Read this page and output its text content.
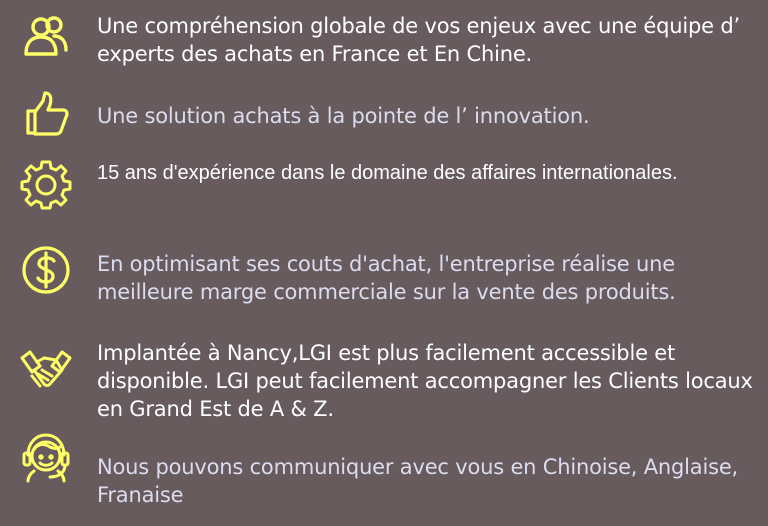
Une compréhension globale de vos enjeux avec une équipe d’ experts des achats en France et En Chine.
Une solution achats à la pointe de l’ innovation.
15 ans d'expérience dans le domaine des affaires internationales.
En optimisant ses couts d'achat, l'entreprise réalise une meilleure marge commerciale sur la vente des produits.
Implantée à Nancy,LGI est plus facilement accessible et disponible. LGI peut facilement accompagner les Clients locaux en Grand Est de A & Z.
Nous pouvons communiquer avec vous en Chinoise, Anglaise, Franaise
